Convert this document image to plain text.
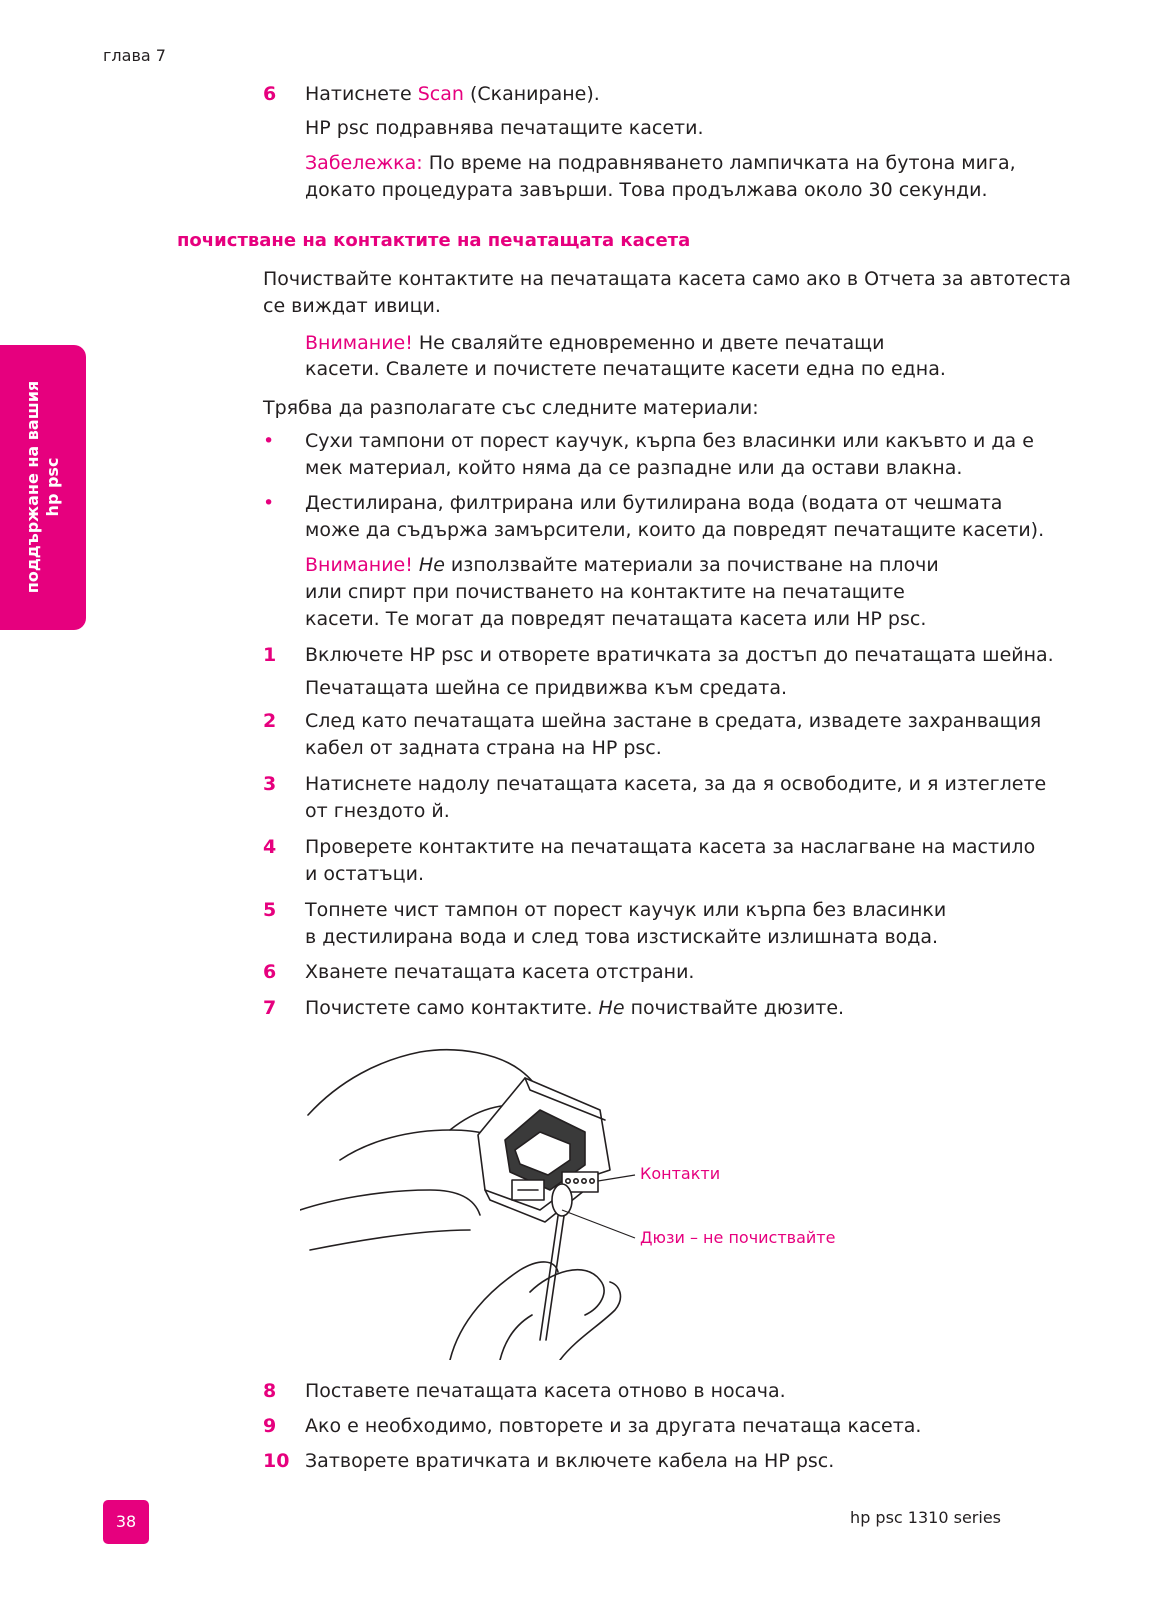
глава 7
поддържане на вашия hp psc
6 Натиснете Scan (Сканиране).
HP psc подравнява печатащите касети.
Забележка: По време на подравняването лампичката на бутона мига,
докато процедурата завърши. Това продължава около 30 секунди.
почистване на контактите на печатащата касета
Почиствайте контактите на печатащата касета само ако в Отчета за автотеста
се виждат ивици.
Внимание! Не сваляйте едновременно и двете печатащи
касети. Свалете и почистете печатащите касети една по една.
Трябва да разполагате със следните материали:
• Сухи тампони от порест каучук, кърпа без власинки или какъвто и да е
мек материал, който няма да се разпадне или да остави влакна.
• Дестилирана, филтрирана или бутилирана вода (водата от чешмата
може да съдържа замърсители, които да повредят печатащите касети).
Внимание! Не използвайте материали за почистване на плочи
или спирт при почистването на контактите на печатащите
касети. Те могат да повредят печатащата касета или HP psc.
1 Включете HP psc и отворете вратичката за достъп до печатащата шейна.
Печатащата шейна се придвижва към средата.
2 След като печатащата шейна застане в средата, извадете захранващия
кабел от задната страна на HP psc.
3 Натиснете надолу печатащата касета, за да я освободите, и я изтеглете
от гнездото й.
4 Проверете контактите на печатащата касета за наслагване на мастило
и остатъци.
5 Топнете чист тампон от порест каучук или кърпа без власинки
в дестилирана вода и след това изстискайте излишната вода.
6 Хванете печатащата касета отстрани.
7 Почистете само контактите. Не почиствайте дюзите.
Контакти
Дюзи – не почиствайте
8 Поставете печатащата касета отново в носача.
9 Ако е необходимо, повторете и за другата печатаща касета.
10 Затворете вратичката и включете кабела на HP psc.
38	hp psc 1310 series
